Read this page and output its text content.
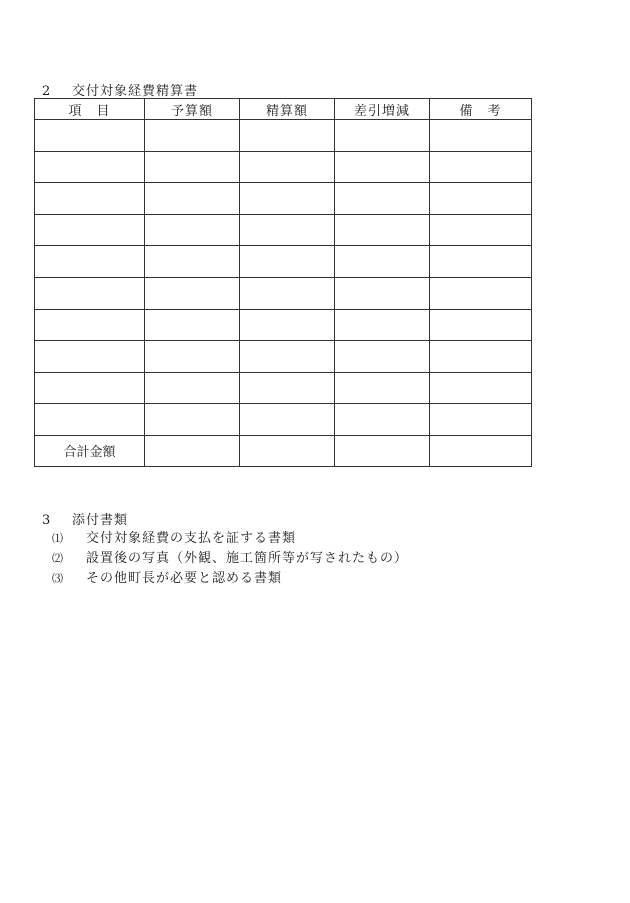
2 交付対象経費精算書
項　目	予算額	精算額	差引増減	備　考

合計金額				
3 添付書類
⑴ 交付対象経費の支払を証する書類
⑵ 設置後の写真（外観、施工箇所等が写されたもの）
⑶ その他町長が必要と認める書類
